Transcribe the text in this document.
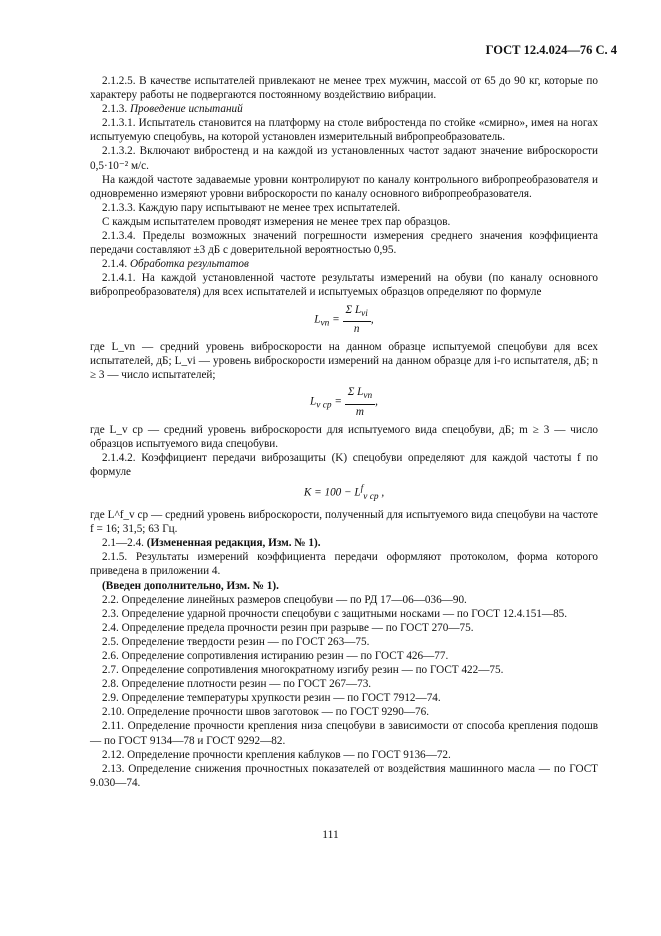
ГОСТ 12.4.024—76 С. 4

2.1.2.5. В качестве испытателей привлекают не менее трех мужчин, массой от 65 до 90 кг, которые по характеру работы не подвергаются постоянному воздействию вибрации.

2.1.3. Проведение испытаний

2.1.3.1. Испытатель становится на платформу на столе вибростенда по стойке «смирно», имея на ногах испытуемую спецобувь, на которой установлен измерительный вибропреобразователь.

2.1.3.2. Включают вибростенд и на каждой из установленных частот задают значение виброскорости 0,5·10⁻² м/с.

На каждой частоте задаваемые уровни контролируют по каналу контрольного вибропреобразователя и одновременно измеряют уровни виброскорости по каналу основного вибропреобразователя.

2.1.3.3. Каждую пару испытывают не менее трех испытателей.

С каждым испытателем проводят измерения не менее трех пар образцов.

2.1.3.4. Пределы возможных значений погрешности измерения среднего значения коэффициента передачи составляют ±3 дБ с доверительной вероятностью 0,95.

2.1.4. Обработка результатов

2.1.4.1. На каждой установленной частоте результаты измерений на обуви (по каналу основного вибропреобразователя) для всех испытателей и испытуемых образцов определяют по формуле

$L_{vn} = \frac{\Sigma L_{vi}}{n}$ ,

где L_vn — средний уровень виброскорости на данном образце испытуемой спецобуви для всех испытателей, дБ; L_vi — уровень виброскорости измерений на данном образце для i-го испытателя, дБ; n ≥ 3 — число испытателей;

$L_{v ср} = \frac{\Sigma L_{vn}}{m}$ ,

где L_v ср — средний уровень виброскорости для испытуемого вида спецобуви, дБ; m ≥ 3 — число образцов испытуемого вида спецобуви.

2.1.4.2. Коэффициент передачи виброзащиты (K) спецобуви определяют для каждой частоты f по формуле

$K = 100 - L^f_{v ср}$ ,

где L^f_v ср — средний уровень виброскорости, полученный для испытуемого вида спецобуви на частоте f = 16; 31,5; 63 Гц.

2.1—2.4. (Измененная редакция, Изм. № 1).

2.1.5. Результаты измерений коэффициента передачи оформляют протоколом, форма которого приведена в приложении 4.

(Введен дополнительно, Изм. № 1).

2.2. Определение линейных размеров спецобуви — по РД 17—06—036—90.

2.3. Определение ударной прочности спецобуви с защитными носками — по ГОСТ 12.4.151—85.

2.4. Определение предела прочности резин при разрыве — по ГОСТ 270—75.

2.5. Определение твердости резин — по ГОСТ 263—75.

2.6. Определение сопротивления истиранию резин — по ГОСТ 426—77.

2.7. Определение сопротивления многократному изгибу резин — по ГОСТ 422—75.

2.8. Определение плотности резин — по ГОСТ 267—73.

2.9. Определение температуры хрупкости резин — по ГОСТ 7912—74.

2.10. Определение прочности швов заготовок — по ГОСТ 9290—76.

2.11. Определение прочности крепления низа спецобуви в зависимости от способа крепления подошв — по ГОСТ 9134—78 и ГОСТ 9292—82.

2.12. Определение прочности крепления каблуков — по ГОСТ 9136—72.

2.13. Определение снижения прочностных показателей от воздействия машинного масла — по ГОСТ 9.030—74.

111
